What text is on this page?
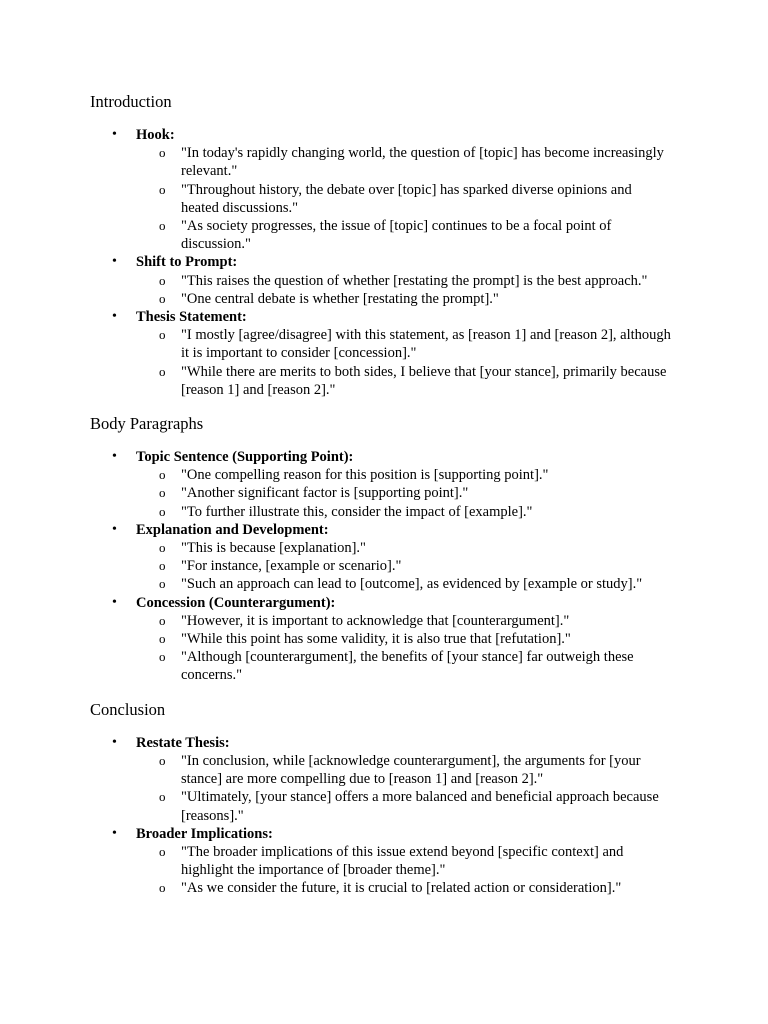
Introduction
• Hook:
o "In today's rapidly changing world, the question of [topic] has become increasingly relevant."
o "Throughout history, the debate over [topic] has sparked diverse opinions and heated discussions."
o "As society progresses, the issue of [topic] continues to be a focal point of discussion."
• Shift to Prompt:
o "This raises the question of whether [restating the prompt] is the best approach."
o "One central debate is whether [restating the prompt]."
• Thesis Statement:
o "I mostly [agree/disagree] with this statement, as [reason 1] and [reason 2], although it is important to consider [concession]."
o "While there are merits to both sides, I believe that [your stance], primarily because [reason 1] and [reason 2]."
Body Paragraphs
• Topic Sentence (Supporting Point):
o "One compelling reason for this position is [supporting point]."
o "Another significant factor is [supporting point]."
o "To further illustrate this, consider the impact of [example]."
• Explanation and Development:
o "This is because [explanation]."
o "For instance, [example or scenario]."
o "Such an approach can lead to [outcome], as evidenced by [example or study]."
• Concession (Counterargument):
o "However, it is important to acknowledge that [counterargument]."
o "While this point has some validity, it is also true that [refutation]."
o "Although [counterargument], the benefits of [your stance] far outweigh these concerns."
Conclusion
• Restate Thesis:
o "In conclusion, while [acknowledge counterargument], the arguments for [your stance] are more compelling due to [reason 1] and [reason 2]."
o "Ultimately, [your stance] offers a more balanced and beneficial approach because [reasons]."
• Broader Implications:
o "The broader implications of this issue extend beyond [specific context] and highlight the importance of [broader theme]."
o "As we consider the future, it is crucial to [related action or consideration]."
